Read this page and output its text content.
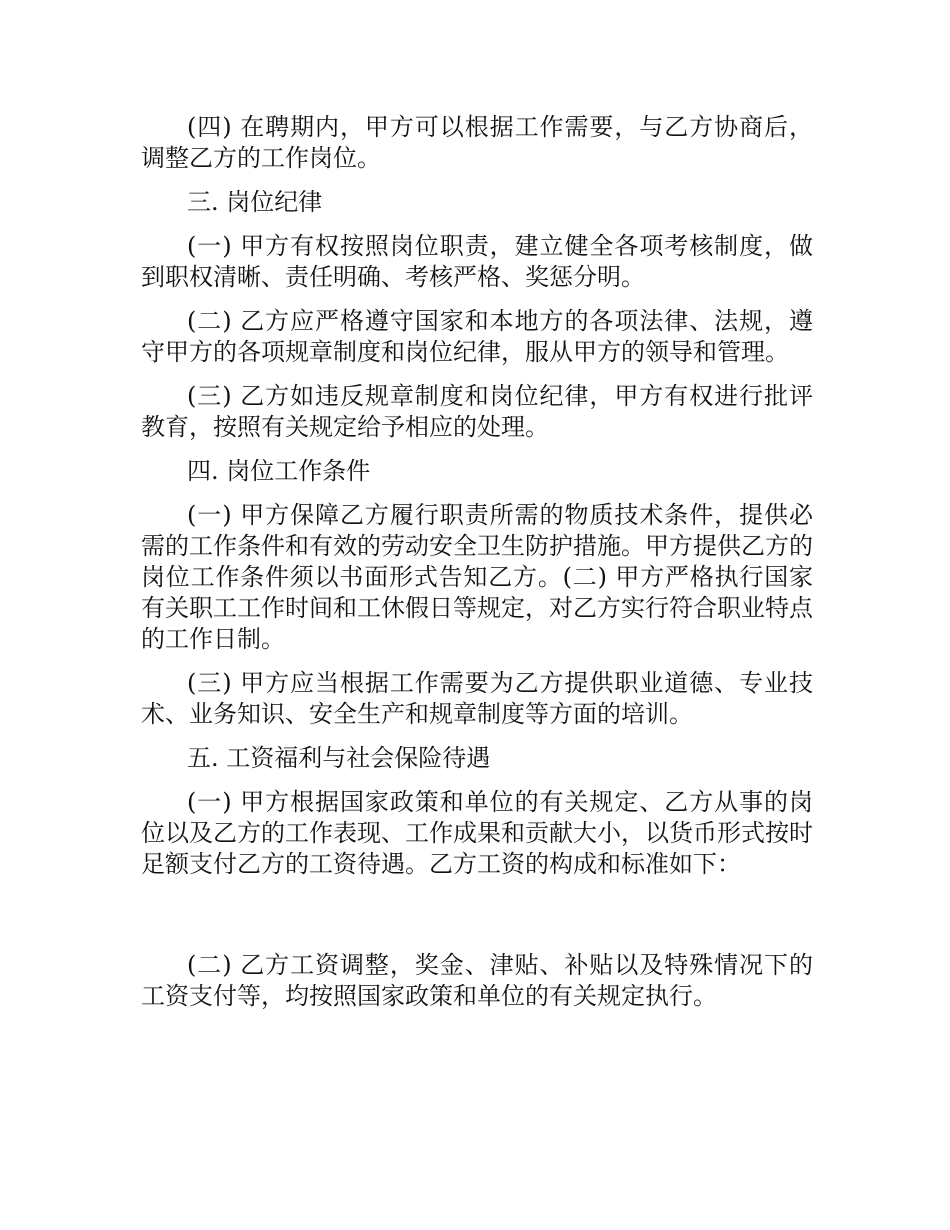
(四) 在聘期内，甲方可以根据工作需要，与乙方协商后，调整乙方的工作岗位。

三. 岗位纪律

(一) 甲方有权按照岗位职责，建立健全各项考核制度，做到职权清晰、责任明确、考核严格、奖惩分明。

(二) 乙方应严格遵守国家和本地方的各项法律、法规，遵守甲方的各项规章制度和岗位纪律，服从甲方的领导和管理。

(三) 乙方如违反规章制度和岗位纪律，甲方有权进行批评教育，按照有关规定给予相应的处理。

四. 岗位工作条件

(一) 甲方保障乙方履行职责所需的物质技术条件，提供必需的工作条件和有效的劳动安全卫生防护措施。甲方提供乙方的岗位工作条件须以书面形式告知乙方。(二) 甲方严格执行国家有关职工工作时间和工休假日等规定，对乙方实行符合职业特点的工作日制。

(三) 甲方应当根据工作需要为乙方提供职业道德、专业技术、业务知识、安全生产和规章制度等方面的培训。

五. 工资福利与社会保险待遇

(一) 甲方根据国家政策和单位的有关规定、乙方从事的岗位以及乙方的工作表现、工作成果和贡献大小，以货币形式按时足额支付乙方的工资待遇。乙方工资的构成和标准如下：

(二) 乙方工资调整，奖金、津贴、补贴以及特殊情况下的工资支付等，均按照国家政策和单位的有关规定执行。
